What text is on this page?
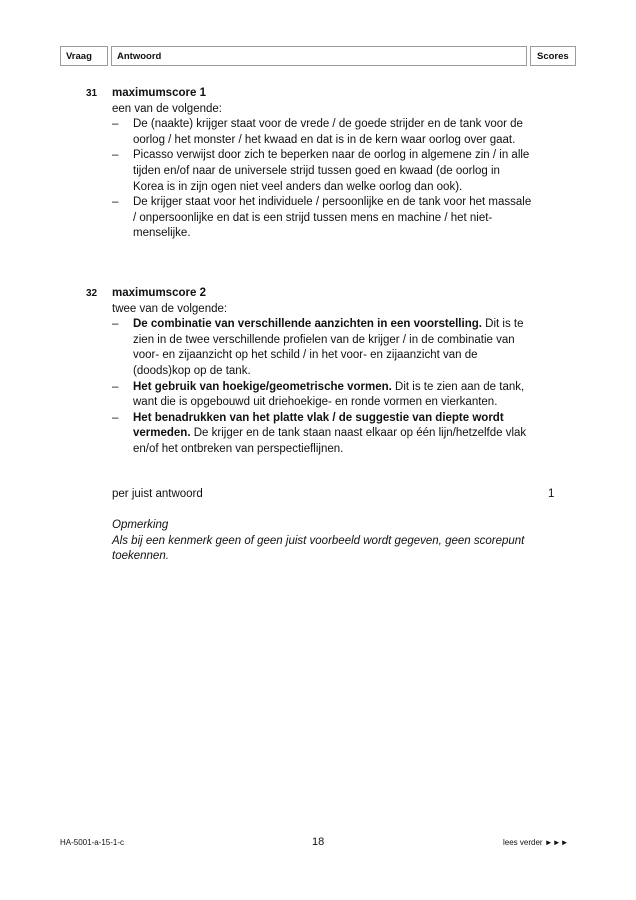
Vraag	Antwoord	Scores
31 maximumscore 1
een van de volgende:
– De (naakte) krijger staat voor de vrede / de goede strijder en de tank voor de oorlog / het monster / het kwaad en dat is in de kern waar oorlog over gaat.
– Picasso verwijst door zich te beperken naar de oorlog in algemene zin / in alle tijden en/of naar de universele strijd tussen goed en kwaad (de oorlog in Korea is in zijn ogen niet veel anders dan welke oorlog dan ook).
– De krijger staat voor het individuele / persoonlijke en de tank voor het massale / onpersoonlijke en dat is een strijd tussen mens en machine / het niet-menselijke.
32 maximumscore 2
twee van de volgende:
– De combinatie van verschillende aanzichten in een voorstelling. Dit is te zien in de twee verschillende profielen van de krijger / in de combinatie van voor- en zijaanzicht op het schild / in het voor- en zijaanzicht van de (doods)kop op de tank.
– Het gebruik van hoekige/geometrische vormen. Dit is te zien aan de tank, want die is opgebouwd uit driehoekige- en ronde vormen en vierkanten.
– Het benadrukken van het platte vlak / de suggestie van diepte wordt vermeden. De krijger en de tank staan naast elkaar op één lijn/hetzelfde vlak en/of het ontbreken van perspectieflijnen.
per juist antwoord	1
Opmerking
Als bij een kenmerk geen of geen juist voorbeeld wordt gegeven, geen scorepunt toekennen.
HA-5001-a-15-1-c	18	lees verder ►►►
